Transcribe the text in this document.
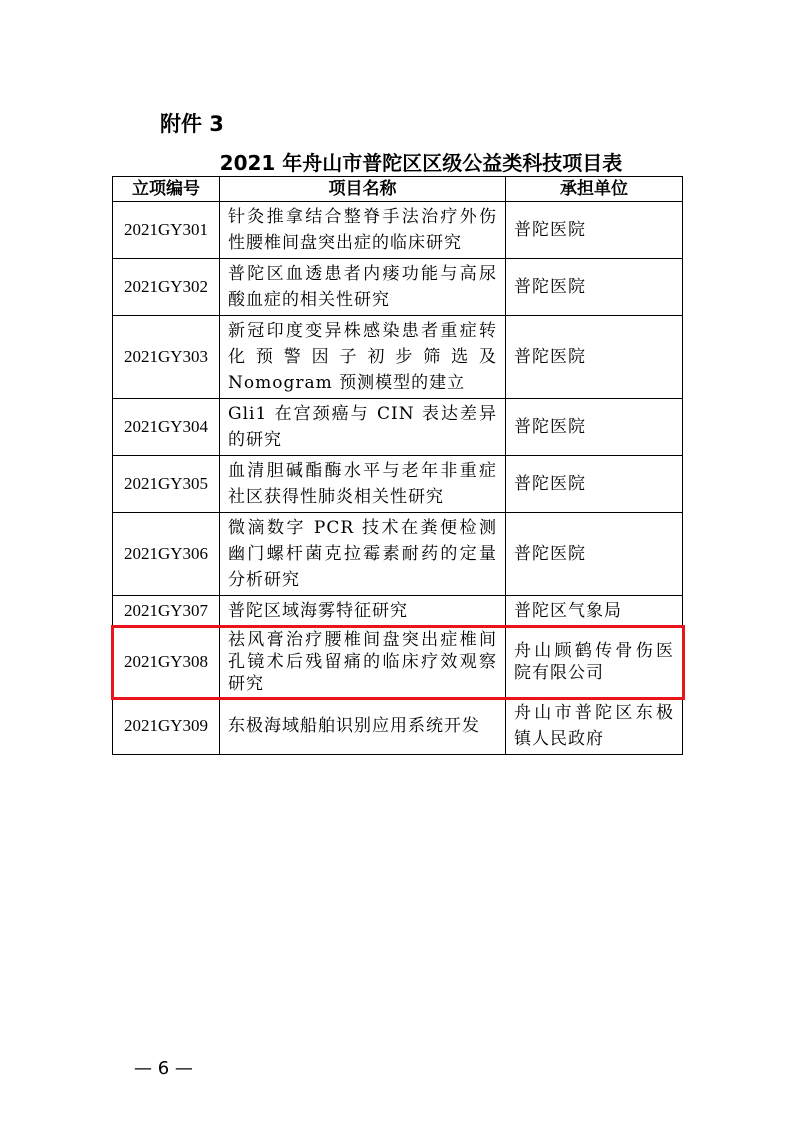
附件 3
2021 年舟山市普陀区区级公益类科技项目表
立项编号	项目名称	承担单位
2021GY301	针灸推拿结合整脊手法治疗外伤性腰椎间盘突出症的临床研究	普陀医院
2021GY302	普陀区血透患者内瘘功能与高尿酸血症的相关性研究	普陀医院
2021GY303	新冠印度变异株感染患者重症转化预警因子初步筛选及 Nomogram 预测模型的建立	普陀医院
2021GY304	Gli1 在宫颈癌与 CIN 表达差异的研究	普陀医院
2021GY305	血清胆碱酯酶水平与老年非重症社区获得性肺炎相关性研究	普陀医院
2021GY306	微滴数字 PCR 技术在粪便检测幽门螺杆菌克拉霉素耐药的定量分析研究	普陀医院
2021GY307	普陀区域海雾特征研究	普陀区气象局
2021GY308	祛风膏治疗腰椎间盘突出症椎间孔镜术后残留痛的临床疗效观察研究	舟山顾鹤传骨伤医院有限公司
2021GY309	东极海域船舶识别应用系统开发	舟山市普陀区东极镇人民政府
— 6 —
